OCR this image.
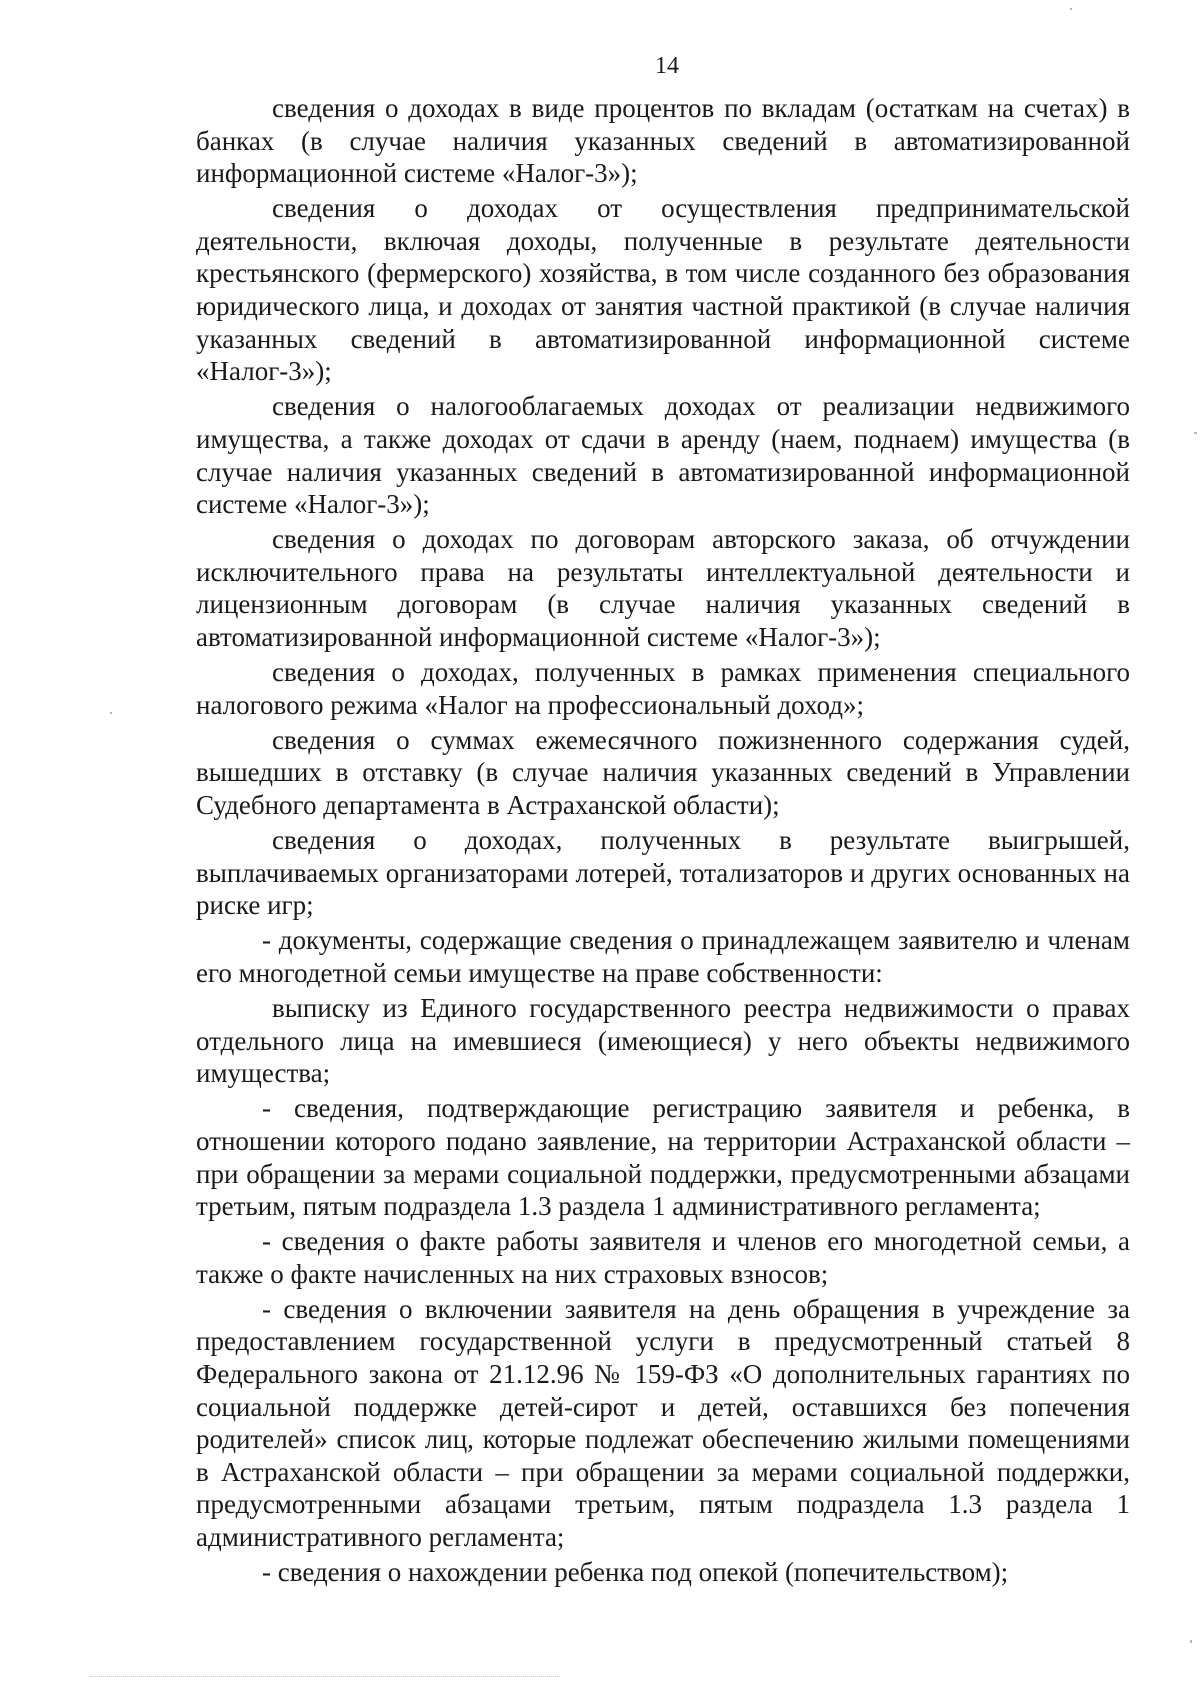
14

сведения о доходах в виде процентов по вкладам (остаткам на счетах) в банках (в случае наличия указанных сведений в автоматизированной информационной системе «Налог-3»);

сведения о доходах от осуществления предпринимательской деятельности, включая доходы, полученные в результате деятельности крестьянского (фермерского) хозяйства, в том числе созданного без образования юридического лица, и доходах от занятия частной практикой (в случае наличия указанных сведений в автоматизированной информационной системе «Налог-3»);

сведения о налогооблагаемых доходах от реализации недвижимого имущества, а также доходах от сдачи в аренду (наем, поднаем) имущества (в случае наличия указанных сведений в автоматизированной информационной системе «Налог-3»);

сведения о доходах по договорам авторского заказа, об отчуждении исключительного права на результаты интеллектуальной деятельности и лицензионным договорам (в случае наличия указанных сведений в автоматизированной информационной системе «Налог-3»);

сведения о доходах, полученных в рамках применения специального налогового режима «Налог на профессиональный доход»;

сведения о суммах ежемесячного пожизненного содержания судей, вышедших в отставку (в случае наличия указанных сведений в Управлении Судебного департамента в Астраханской области);

сведения о доходах, полученных в результате выигрышей, выплачиваемых организаторами лотерей, тотализаторов и других основанных на риске игр;

- документы, содержащие сведения о принадлежащем заявителю и членам его многодетной семьи имуществе на праве собственности:

выписку из Единого государственного реестра недвижимости о правах отдельного лица на имевшиеся (имеющиеся) у него объекты недвижимого имущества;

- сведения, подтверждающие регистрацию заявителя и ребенка, в отношении которого подано заявление, на территории Астраханской области – при обращении за мерами социальной поддержки, предусмотренными абзацами третьим, пятым подраздела 1.3 раздела 1 административного регламента;

- сведения о факте работы заявителя и членов его многодетной семьи, а также о факте начисленных на них страховых взносов;

- сведения о включении заявителя на день обращения в учреждение за предоставлением государственной услуги в предусмотренный статьей 8 Федерального закона от 21.12.96 № 159-ФЗ «О дополнительных гарантиях по социальной поддержке детей-сирот и детей, оставшихся без попечения родителей» список лиц, которые подлежат обеспечению жилыми помещениями в Астраханской области – при обращении за мерами социальной поддержки, предусмотренными абзацами третьим, пятым подраздела 1.3 раздела 1 административного регламента;

- сведения о нахождении ребенка под опекой (попечительством);
